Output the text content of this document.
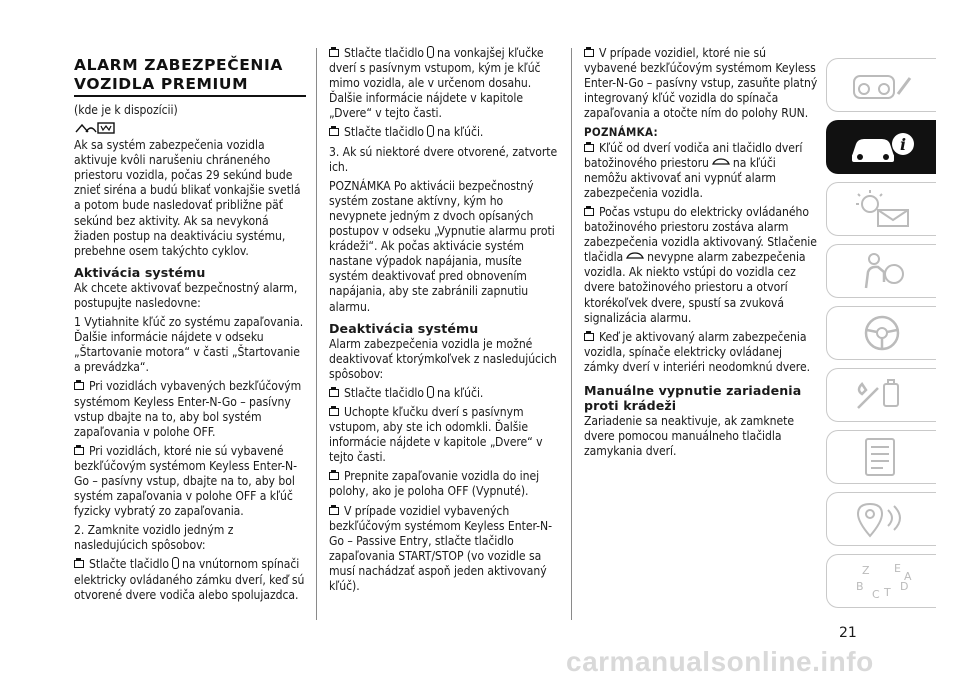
ALARM ZABEZPEČENIA
VOZIDLA PREMIUM

(kde je k dispozícii)

Ak sa systém zabezpečenia vozidla aktivuje kvôli narušeniu chráneného priestoru vozidla, počas 29 sekúnd bude znieť siréna a budú blikať vonkajšie svetlá a potom bude nasledovať približne päť sekúnd bez aktivity. Ak sa nevykoná žiaden postup na deaktiváciu systému, prebehne osem takýchto cyklov.

Aktivácia systému

Ak chcete aktivovať bezpečnostný alarm, postupujte nasledovne:

1 Vytiahnite kľúč zo systému zapaľovania. Ďalšie informácie nájdete v odseku „Štartovanie motora“ v časti „Štartovanie a prevádzka“.

Pri vozidlách vybavených bezkľúčovým systémom Keyless Enter-N-Go – pasívny vstup dbajte na to, aby bol systém zapaľovania v polohe OFF.

Pri vozidlách, ktoré nie sú vybavené bezkľúčovým systémom Keyless Enter-N-Go – pasívny vstup, dbajte na to, aby bol systém zapaľovania v polohe OFF a kľúč fyzicky vybratý zo zapaľovania.

2. Zamknite vozidlo jedným z nasledujúcich spôsobov:

Stlačte tlačidlo na vnútornom spínači elektricky ovládaného zámku dverí, keď sú otvorené dvere vodiča alebo spolujazdca.

Stlačte tlačidlo na vonkajšej kľučke dverí s pasívnym vstupom, kým je kľúč mimo vozidla, ale v určenom dosahu. Ďalšie informácie nájdete v kapitole „Dvere“ v tejto časti.

Stlačte tlačidlo na kľúči.

3. Ak sú niektoré dvere otvorené, zatvorte ich.

POZNÁMKA Po aktivácii bezpečnostný systém zostane aktívny, kým ho nevypnete jedným z dvoch opísaných postupov v odseku „Vypnutie alarmu proti krádeži“. Ak počas aktivácie systém nastane výpadok napájania, musíte systém deaktivovať pred obnovením napájania, aby ste zabránili zapnutiu alarmu.

Deaktivácia systému

Alarm zabezpečenia vozidla je možné deaktivovať ktorýmkoľvek z nasledujúcich spôsobov:

Stlačte tlačidlo na kľúči.

Uchopte kľučku dverí s pasívnym vstupom, aby ste ich odomkli. Ďalšie informácie nájdete v kapitole „Dvere“ v tejto časti.

Prepnite zapaľovanie vozidla do inej polohy, ako je poloha OFF (Vypnuté).

V prípade vozidiel vybavených bezkľúčovým systémom Keyless Enter-N-Go – Passive Entry, stlačte tlačidlo zapaľovania START/STOP (vo vozidle sa musí nachádzať aspoň jeden aktivovaný kľúč).

V prípade vozidiel, ktoré nie sú vybavené bezkľúčovým systémom Keyless Enter-N-Go – pasívny vstup, zasuňte platný integrovaný kľúč vozidla do spínača zapaľovania a otočte ním do polohy RUN.

POZNÁMKA:

Kľúč od dverí vodiča ani tlačidlo dverí batožinového priestoru na kľúči nemôžu aktivovať ani vypnúť alarm zabezpečenia vozidla.

Počas vstupu do elektricky ovládaného batožinového priestoru zostáva alarm zabezpečenia vozidla aktivovaný. Stlačenie tlačidla nevypne alarm zabezpečenia vozidla. Ak niekto vstúpi do vozidla cez dvere batožinového priestoru a otvorí ktorékoľvek dvere, spustí sa zvuková signalizácia alarmu.

Keď je aktivovaný alarm zabezpečenia vozidla, spínače elektricky ovládanej zámky dverí v interiéri neodomknú dvere.

Manuálne vypnutie zariadenia proti krádeži

Zariadenie sa neaktivuje, ak zamknete dvere pomocou manuálneho tlačidla zamykania dverí.

i
Z E
B
C T D
A
21
carmanualsonline.info
